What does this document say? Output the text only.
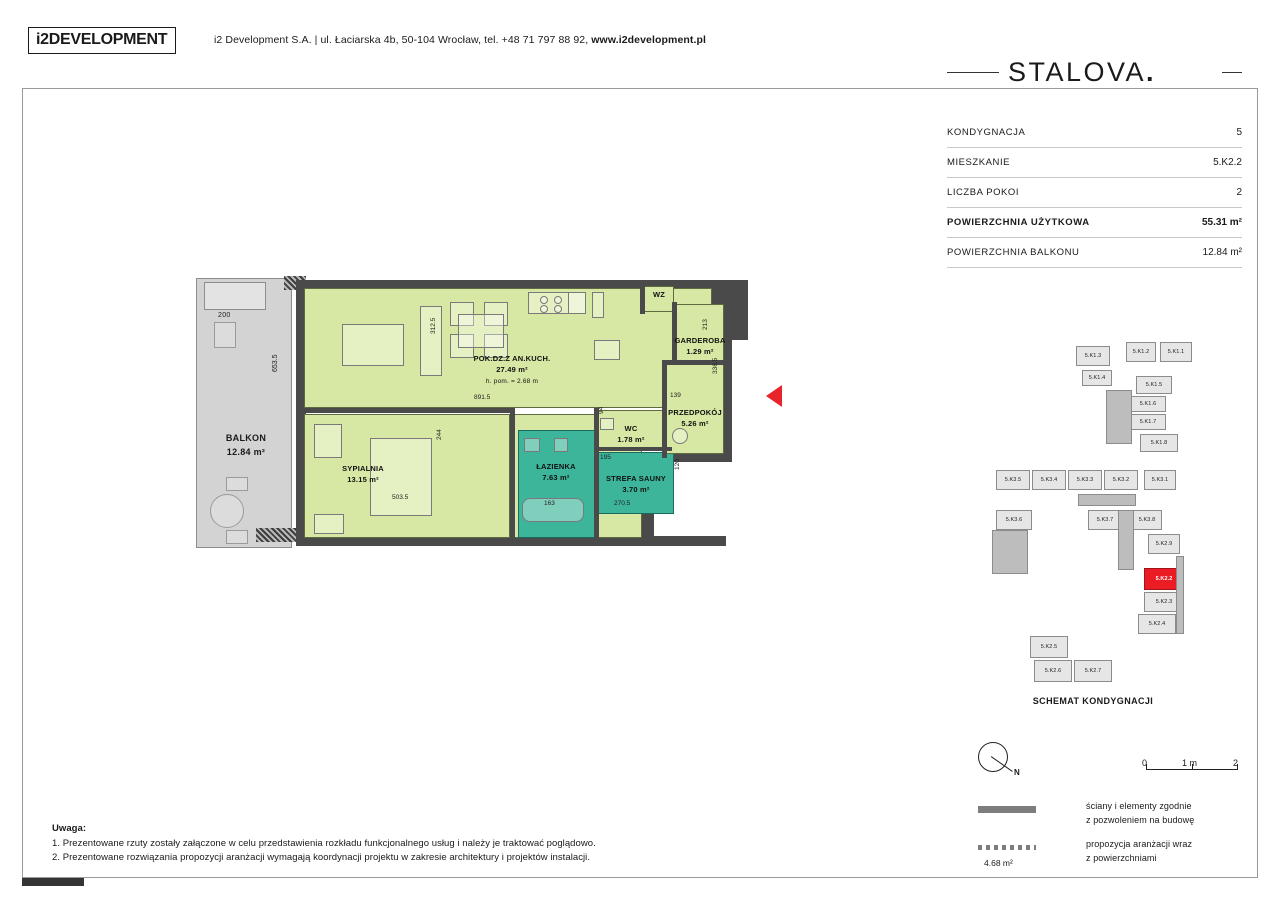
i2DEVELOPMENT	i2 Development S.A. | ul. Łaciarska 4b, 50-104 Wrocław, tel. +48 71 797 88 92, www.i2development.pl
STALOVA.
KONDYGNACJA	5
MIESZKANIE	5.K2.2
LICZBA POKOI	2
POWIERZCHNIA UŻYTKOWA	55.31 m²
POWIERZCHNIA BALKONU	12.84 m²
BALKON
12.84 m²
200
653.5
891.5
312.5
503.5
244
163
195
94
270.5
120
336.5
139
213
POK.DZ.Z AN.KUCH.
27.49 m²
h. pom. = 2.68 m
SYPIALNIA
13.15 m²
ŁAZIENKA
7.63 m²
WC
1.78 m²
STREFA SAUNY
3.70 m²
PRZEDPOKÓJ
5.26 m²
GARDEROBA
1.29 m²
WZ
5.K1.3
5.K1.2	5.K1.1
5.K1.4
5.K1.5
5.K1.6
5.K1.7
5.K1.8
5.K3.5	5.K3.4	5.K3.3	5.K3.2	5.K3.1
5.K3.6	5.K3.7	5.K3.8
5.K2.9
5.K2.2
5.K2.3
5.K2.4
5.K2.5
5.K2.6	5.K2.7
SCHEMAT KONDYGNACJI
N
0	1 m	2
ściany i elementy zgodnie
z pozwoleniem na budowę
4.68 m²
propozycja aranżacji wraz
z powierzchniami
Uwaga:
1. Prezentowane rzuty zostały załączone w celu przedstawienia rozkładu funkcjonalnego usług i należy je traktować poglądowo.
2. Prezentowane rozwiązania propozycji aranżacji wymagają koordynacji projektu w zakresie architektury i projektów instalacji.
